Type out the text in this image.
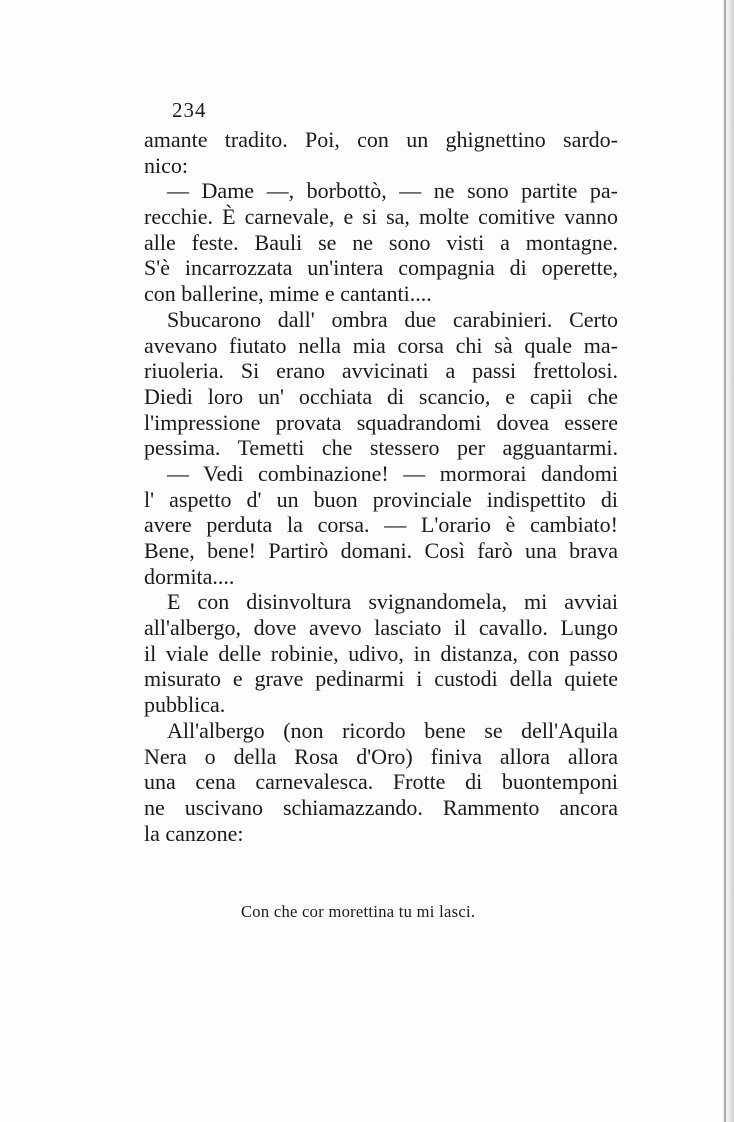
234
amante tradito. Poi, con un ghignettino sardo-
nico:
— Dame —, borbottò, — ne sono partite pa-
recchie. È carnevale, e si sa, molte comitive vanno
alle feste. Bauli se ne sono visti a montagne.
S'è incarrozzata un'intera compagnia di operette,
con ballerine, mime e cantanti....
Sbucarono dall' ombra due carabinieri. Certo
avevano fiutato nella mia corsa chi sà quale ma-
riuoleria. Si erano avvicinati a passi frettolosi.
Diedi loro un' occhiata di scancio, e capii che
l'impressione provata squadrandomi dovea essere
pessima. Temetti che stessero per agguantarmi.
— Vedi combinazione! — mormorai dandomi
l' aspetto d' un buon provinciale indispettito di
avere perduta la corsa. — L'orario è cambiato!
Bene, bene! Partirò domani. Così farò una brava
dormita....
E con disinvoltura svignandomela, mi avviai
all'albergo, dove avevo lasciato il cavallo. Lungo
il viale delle robinie, udivo, in distanza, con passo
misurato e grave pedinarmi i custodi della quiete
pubblica.
All'albergo (non ricordo bene se dell'Aquila
Nera o della Rosa d'Oro) finiva allora allora
una cena carnevalesca. Frotte di buontemponi
ne uscivano schiamazzando. Rammento ancora
la canzone:
Con che cor morettina tu mi lasci.
